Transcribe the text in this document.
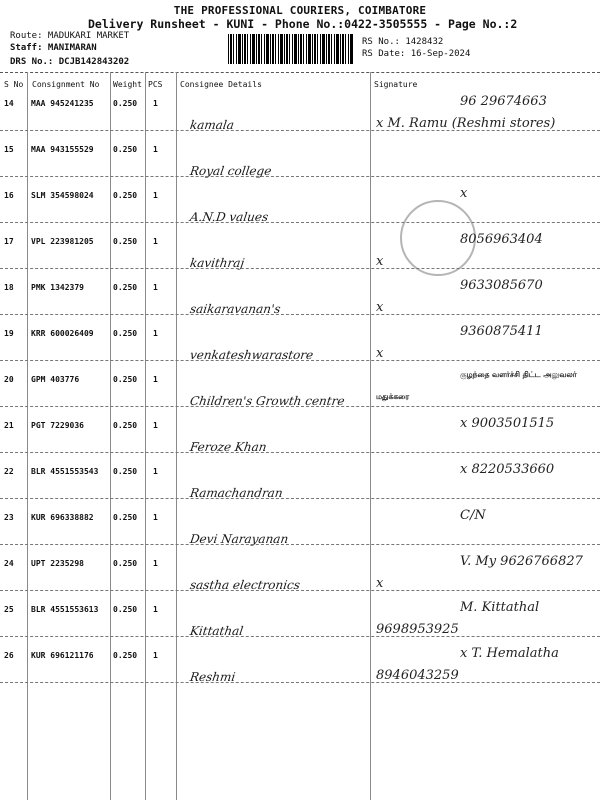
THE PROFESSIONAL COURIERS, COIMBATORE
Delivery Runsheet - KUNI - Phone No.:0422-3505555 - Page No.:2
Route: MADUKARI MARKET
Staff: MANIMARAN
DRS No.: DCJB142843202
RS No.: 1428432
RS Date: 16-Sep-2024
S No Consignment No Weight PCS Consignee Details	Signature
14 MAA 945241235 0.250 1
kamala
96 29674663
x M. Ramu (Reshmi stores)
15 MAA 943155529 0.250 1
Royal college
16 SLM 354598024 0.250 1
A.N.D values
x
17 VPL 223981205 0.250 1
kavithraj
8056963404
x
18 PMK 1342379	0.250 1
saikaravanan's
9633085670
x
19 KRR 600026409 0.250 1
venkateshwarastore
9360875411
x
20 GPM 403776	0.250 1
Children's Growth centre
குழந்தை வளர்ச்சி திட்ட அலுவலர்
மதுக்கரை
21 PGT 7229036	0.250 1
Feroze Khan
x 9003501515
22 BLR 4551553543 0.250 1
Ramachandran
x 8220533660
23 KUR 696338882 0.250 1
Devi Narayanan
C/N
24 UPT 2235298	0.250 1
sastha electronics
V. My 9626766827
x
25 BLR 4551553613 0.250 1
Kittathal
M. Kittathal
9698953925
26 KUR 696121176 0.250 1
Reshmi
x T. Hemalatha
8946043259
